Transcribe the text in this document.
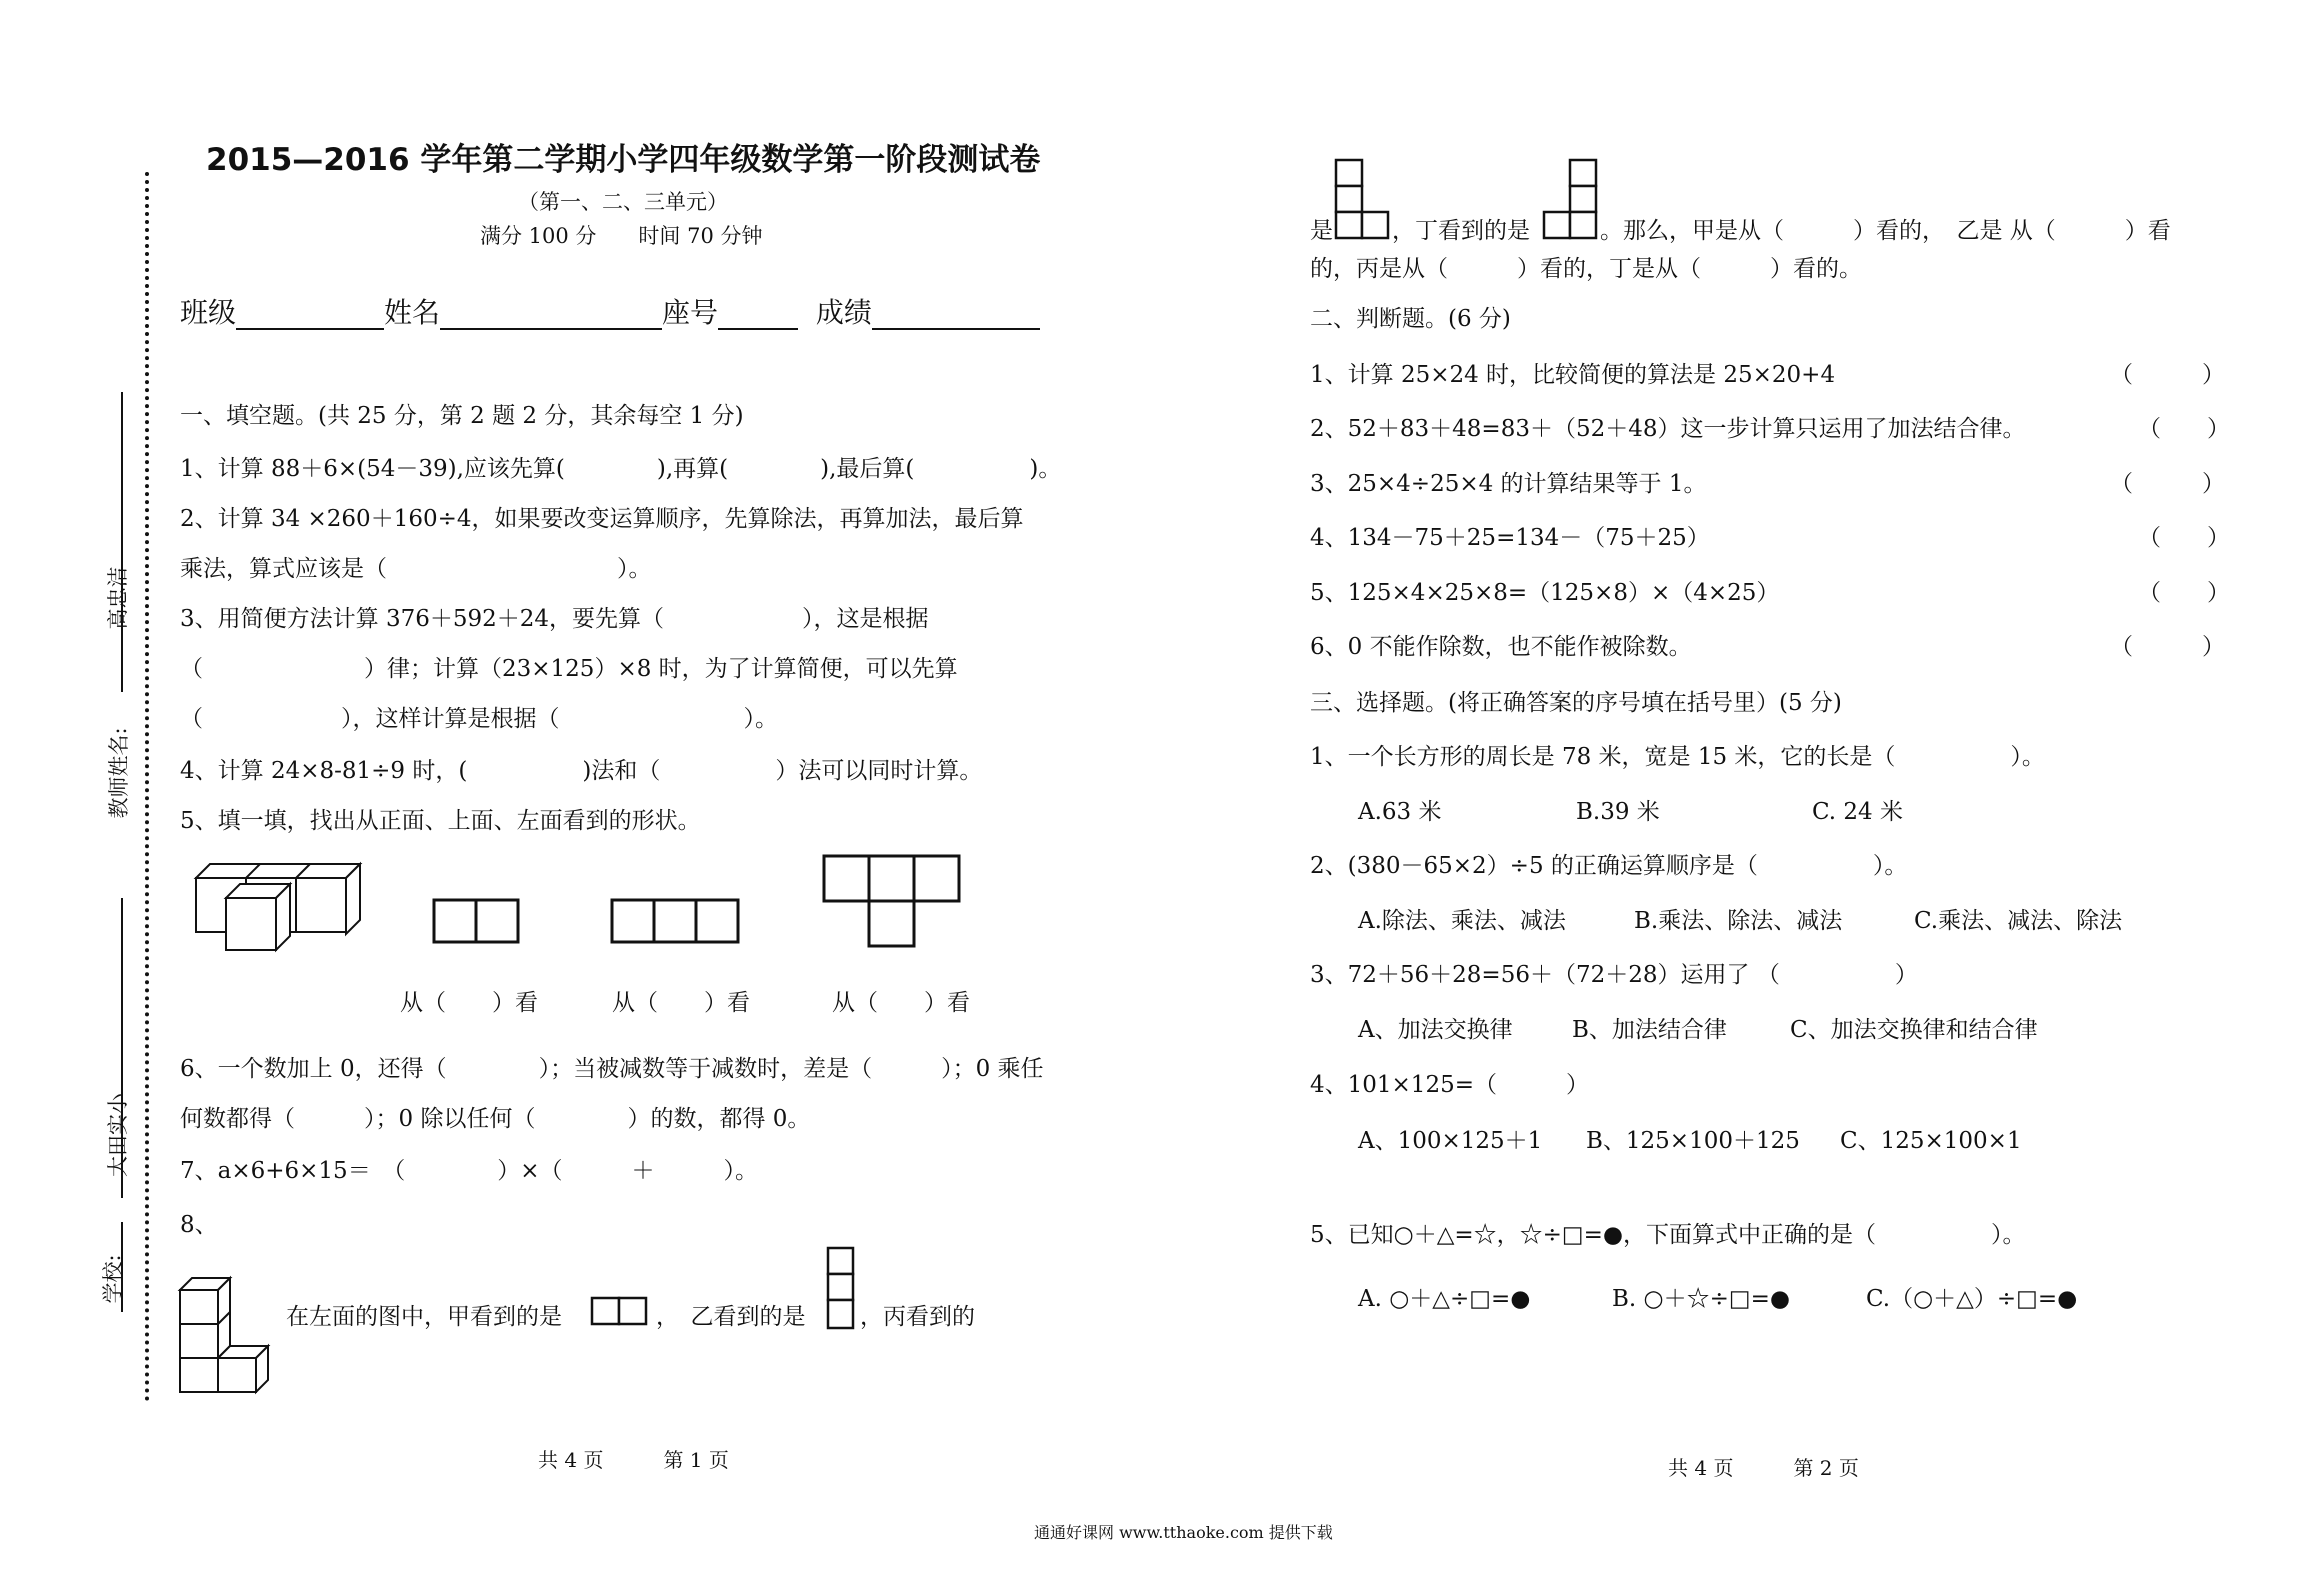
高忠洁
教师姓名:
大田实小
学校:
2015—2016 学年第二学期小学四年级数学第一阶段测试卷
（第一、二、三单元）
满分 100 分　　时间 70 分钟
班级	姓名	座号	成绩
一、填空题。(共 25 分，第 2 题 2 分，其余每空 1 分)
1、计算 88＋6×(54－39),应该先算(　　　　),再算(　　　　),最后算(　　　　　)。
2、计算 34 ×260＋160÷4，如果要改变运算顺序，先算除法，再算加法，最后算
乘法，算式应该是（　　　　　　　　　　）。
3、用简便方法计算 376＋592＋24，要先算（　　　　　　），这是根据
（　　　　　　　）律；计算（23×125）×8 时，为了计算简便，可以先算
（　　　　　　），这样计算是根据（　　　　　　　　）。
4、计算 24×8-81÷9 时，(　　　　　)法和（　　　　　）法可以同时计算。
5、填一填，找出从正面、上面、左面看到的形状。
从（　　）看	从（　　）看	从（　　）看
6、一个数加上 0，还得（　　　　）；当被减数等于减数时，差是（　　　）；0 乘任
何数都得（　　　）；0 除以任何（　　　　）的数，都得 0。
7、a×6+6×15＝　（　　　　）×（　　　＋　　　）。
8、
在左面的图中，甲看到的是	，　乙看到的是 ，丙看到的
共 4 页　　　第 1 页
是	，丁看到的是	。那么，甲是从（　　　）看的，　乙是 从（　　　）看
的，丙是从（　　　）看的，丁是从（　　　）看的。
二、判断题。(6 分)
1、计算 25×24 时，比较简便的算法是 25×20+4	（　　　）
2、52＋83＋48=83＋（52＋48）这一步计算只运用了加法结合律。	（　　）
3、25×4÷25×4 的计算结果等于 1。	（　　　）
4、134－75＋25=134－（75＋25）	（　　）
5、125×4×25×8=（125×8）×（4×25）	（　　）
6、0 不能作除数，也不能作被除数。	（　　　）
三、选择题。(将正确答案的序号填在括号里）(5 分)
1、一个长方形的周长是 78 米，宽是 15 米，它的长是（　　　　　）。
A.63 米	B.39 米	C. 24 米
2、(380－65×2）÷5 的正确运算顺序是（　　　　　）。
A.除法、乘法、减法	B.乘法、除法、减法	C.乘法、减法、除法
3、72＋56＋28=56＋（72＋28）运用了 （　　　　　）
A、加法交换律	B、加法结合律	C、加法交换律和结合律
4、101×125=（　　　）
A、100×125＋1 B、125×100＋125 C、125×100×1
5、已知○＋△=☆，☆÷□=●，下面算式中正确的是（　　　　　）。
A. ○＋△÷□=●	B. ○＋☆÷□=●	C.（○＋△）÷□=●
共 4 页　　　第 2 页
通通好课网 www.tthaoke.com 提供下载
